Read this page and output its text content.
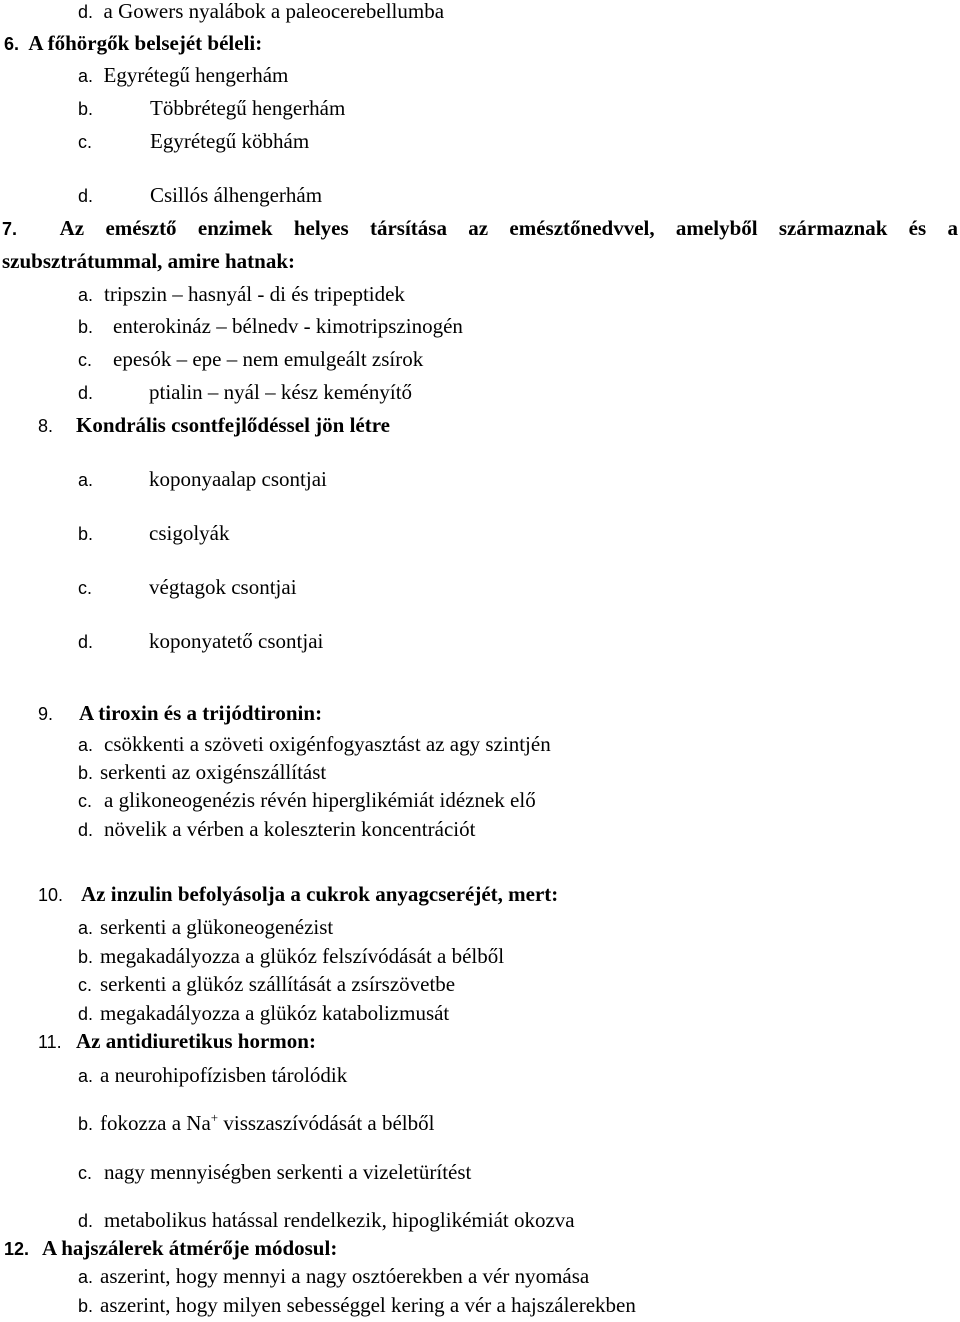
d. a Gowers nyalábok a paleocerebellumba
6. A főhörgők belsejét béleli:
a. Egyrétegű hengerhám
b.	Többrétegű hengerhám
c.	Egyrétegű köbhám
d.	Csillós álhengerhám
7. Az emésztő enzimek helyes társítása az emésztőnedvvel, amelyből származnak és a
szubsztrátummal, amire hatnak:
a. tripszin – hasnyál - di és tripeptidek
b. enterokináz – bélnedv - kimotripszinogén
c. epesók – epe – nem emulgeált zsírok
d.	ptialin – nyál – kész keményítő
8. Kondrális csontfejlődéssel jön létre
a.	koponyaalap csontjai
b.	csigolyák
c.	végtagok csontjai
d.	koponyatető csontjai
9. A tiroxin és a trijódtironin:
a. csökkenti a szöveti oxigénfogyasztást az agy szintjén
b. serkenti az oxigénszállítást
c. a glikoneogenézis révén hiperglikémiát idéznek elő
d. növelik a vérben a koleszterin koncentrációt
10. Az inzulin befolyásolja a cukrok anyagcseréjét, mert:
a. serkenti a glükoneogenézist
b. megakadályozza a glükóz felszívódását a bélből
c. serkenti a glükóz szállítását a zsírszövetbe
d. megakadályozza a glükóz katabolizmusát
11. Az antidiuretikus hormon:
a. a neurohipofízisben tárolódik
b. fokozza a Na+ visszaszívódását a bélből
c. nagy mennyiségben serkenti a vizeletürítést
d. metabolikus hatással rendelkezik, hipoglikémiát okozva
12. A hajszálerek átmérője módosul:
a. aszerint, hogy mennyi a nagy osztóerekben a vér nyomása
b. aszerint, hogy milyen sebességgel kering a vér a hajszálerekben
